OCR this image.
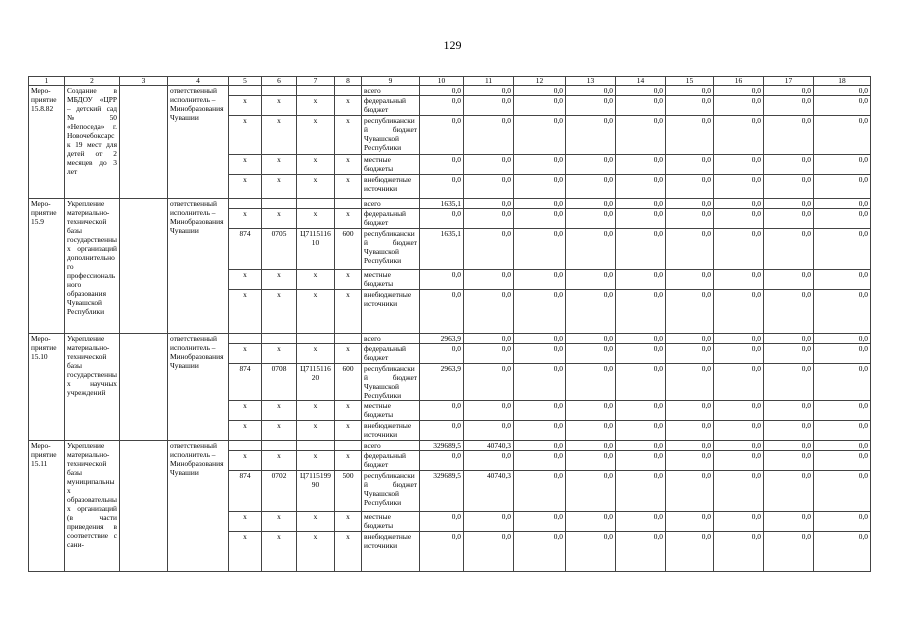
129
1	2	3	4	5	6	7	8	9	10	11	12	13	14	15	16	17	18
Меро-приятие 15.8.82	Создание в МБДОУ «ЦРР – детский сад № 50 «Непоседа» г. Новочебоксарск 19 мест для детей от 2 месяцев до 3 лет		ответственный исполнитель – Минобразования Чувашии					всего	0,0	0,0	0,0	0,0	0,0	0,0	0,0	0,0	0,0
				х	х	х	х	федеральный бюджет	0,0	0,0	0,0	0,0	0,0	0,0	0,0	0,0	0,0
				х	х	х	х	республиканский бюджет Чувашской Республики	0,0	0,0	0,0	0,0	0,0	0,0	0,0	0,0	0,0
				х	х	х	х	местные бюджеты	0,0	0,0	0,0	0,0	0,0	0,0	0,0	0,0	0,0
				х	х	х	х	внебюджетные источники	0,0	0,0	0,0	0,0	0,0	0,0	0,0	0,0	0,0
Меро-приятие 15.9	Укрепление материально-технической базы государственных организаций дополнительного профессионального образования Чувашской Республики		ответственный исполнитель – Минобразования Чувашии					всего	1635,1	0,0	0,0	0,0	0,0	0,0	0,0	0,0	0,0
				х	х	х	х	федеральный бюджет	0,0	0,0	0,0	0,0	0,0	0,0	0,0	0,0	0,0
				874	0705	Ц711511610	600	республиканский бюджет Чувашской Республики	1635,1	0,0	0,0	0,0	0,0	0,0	0,0	0,0	0,0
				х	х	х	х	местные бюджеты	0,0	0,0	0,0	0,0	0,0	0,0	0,0	0,0	0,0
				х	х	х	х	внебюджетные источники	0,0	0,0	0,0	0,0	0,0	0,0	0,0	0,0	0,0
Меро-приятие 15.10	Укрепление материально-технической базы государственных научных учреждений		ответственный исполнитель – Минобразования Чувашии					всего	2963,9	0,0	0,0	0,0	0,0	0,0	0,0	0,0	0,0
				х	х	х	х	федеральный бюджет	0,0	0,0	0,0	0,0	0,0	0,0	0,0	0,0	0,0
				874	0708	Ц711511620	600	республиканский бюджет Чувашской Республики	2963,9	0,0	0,0	0,0	0,0	0,0	0,0	0,0	0,0
				х	х	х	х	местные бюджеты	0,0	0,0	0,0	0,0	0,0	0,0	0,0	0,0	0,0
				х	х	х	х	внебюджетные источники	0,0	0,0	0,0	0,0	0,0	0,0	0,0	0,0	0,0
Меро-приятие 15.11	Укрепление материально-технической базы муниципальных образовательных организаций (в части приведения в соответствие с сани-		ответственный исполнитель – Минобразования Чувашии					всего	329689,5	40740,3	0,0	0,0	0,0	0,0	0,0	0,0	0,0
				х	х	х	х	федеральный бюджет	0,0	0,0	0,0	0,0	0,0	0,0	0,0	0,0	0,0
				874	0702	Ц711519990	500	республиканский бюджет Чувашской Республики	329689,5	40740,3	0,0	0,0	0,0	0,0	0,0	0,0	0,0
				х	х	х	х	местные бюджеты	0,0	0,0	0,0	0,0	0,0	0,0	0,0	0,0	0,0
				х	х	х	х	внебюджетные источники	0,0	0,0	0,0	0,0	0,0	0,0	0,0	0,0	0,0
